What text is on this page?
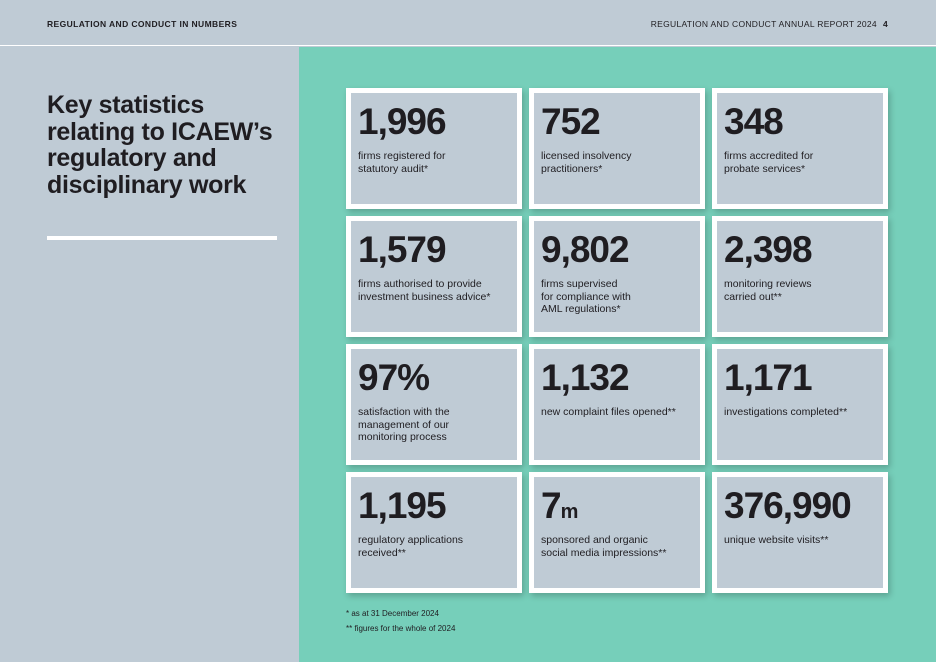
REGULATION AND CONDUCT IN NUMBERS	REGULATION AND CONDUCT ANNUAL REPORT 2024 4
Key statistics relating to ICAEW’s regulatory and disciplinary work
1,996
firms registered for
statutory audit*
752
licensed insolvency
practitioners*
348
firms accredited for
probate services*
1,579
firms authorised to provide
investment business advice*
9,802
firms supervised
for compliance with
AML regulations*
2,398
monitoring reviews
carried out**
97%
satisfaction with the
management of our
monitoring process
1,132
new complaint files opened**
1,171
investigations completed**
1,195
regulatory applications
received**
7m
sponsored and organic
social media impressions**
376,990
unique website visits**
* as at 31 December 2024
** figures for the whole of 2024
